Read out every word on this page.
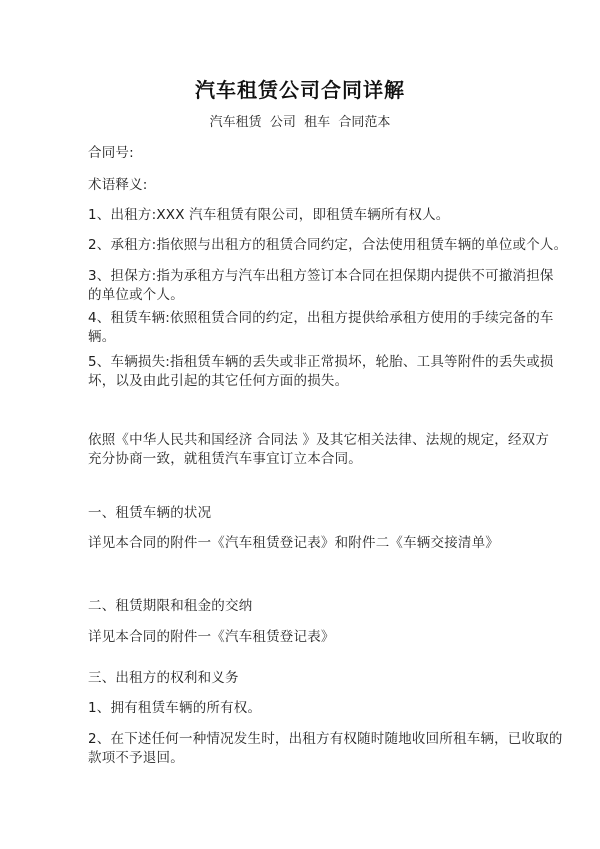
汽车租赁公司合同详解
汽车租赁  公司  租车  合同范本
合同号:
术语释义:
1、出租方:XXX 汽车租赁有限公司，即租赁车辆所有权人。
2、承租方:指依照与出租方的租赁合同约定，合法使用租赁车辆的单位或个人。
3、担保方:指为承租方与汽车出租方签订本合同在担保期内提供不可撤消担保
的单位或个人。
4、租赁车辆:依照租赁合同的约定，出租方提供给承租方使用的手续完备的车
辆。
5、车辆损失:指租赁车辆的丢失或非正常损坏，轮胎、工具等附件的丢失或损
坏，以及由此引起的其它任何方面的损失。
依照《中华人民共和国经济 合同法 》及其它相关法律、法规的规定，经双方
充分协商一致，就租赁汽车事宜订立本合同。
一、租赁车辆的状况
详见本合同的附件一《汽车租赁登记表》和附件二《车辆交接清单》
二、租赁期限和租金的交纳
详见本合同的附件一《汽车租赁登记表》
三、出租方的权利和义务
1、拥有租赁车辆的所有权。
2、在下述任何一种情况发生时，出租方有权随时随地收回所租车辆，已收取的
款项不予退回。
